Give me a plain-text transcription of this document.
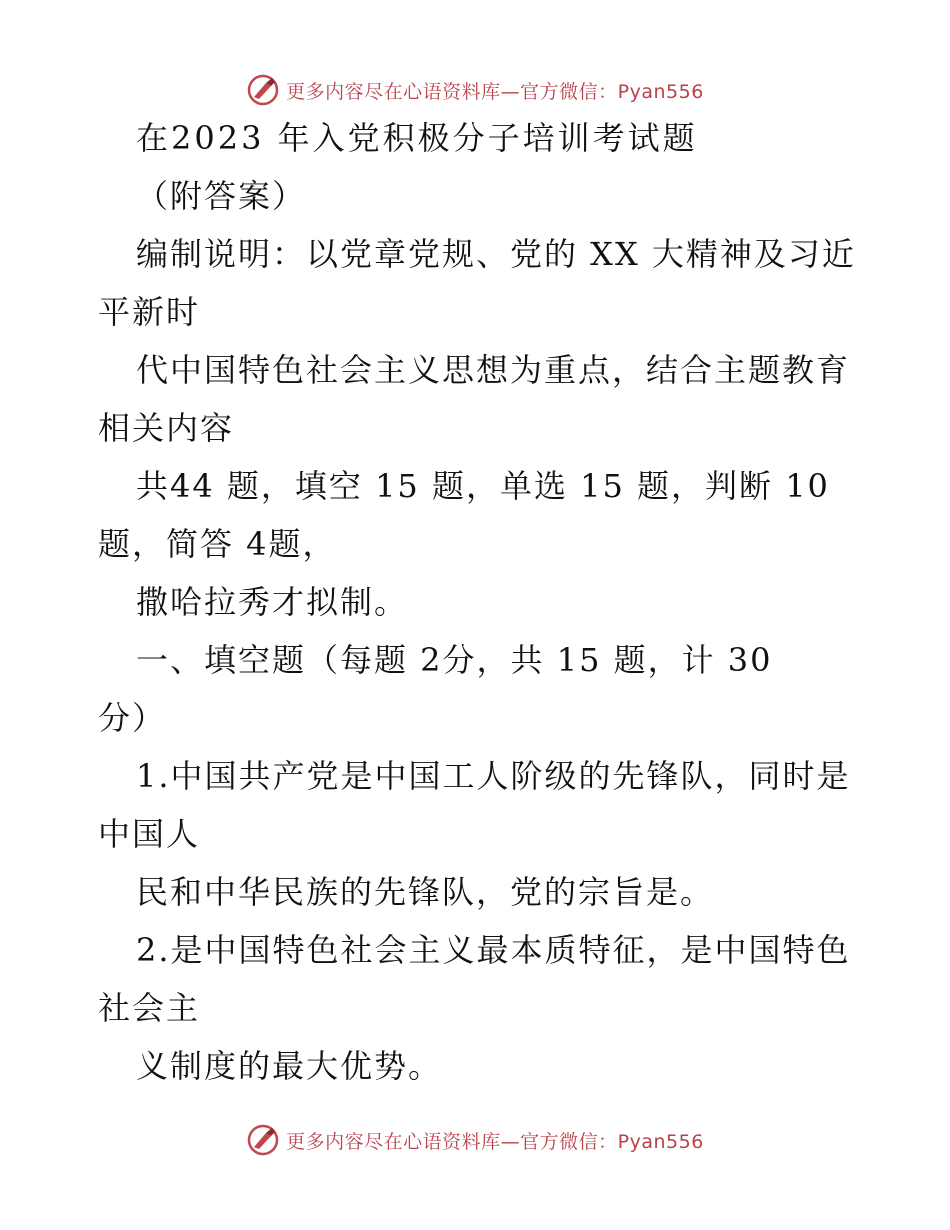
更多内容尽在心语资料库—官方微信：Pyan556
在2023 年入党积极分子培训考试题
（附答案）
编制说明：以党章党规、党的 XX 大精神及习近
平新时
代中国特色社会主义思想为重点，结合主题教育
相关内容
共44 题，填空 15 题，单选 15 题，判断 10
题，简答 4题，
撒哈拉秀才拟制。
一、填空题（每题 2分，共 15 题，计 30
分）
1.中国共产党是中国工人阶级的先锋队，同时是
中国人
民和中华民族的先锋队，党的宗旨是。
2.是中国特色社会主义最本质特征，是中国特色
社会主
义制度的最大优势。
更多内容尽在心语资料库—官方微信：Pyan556
